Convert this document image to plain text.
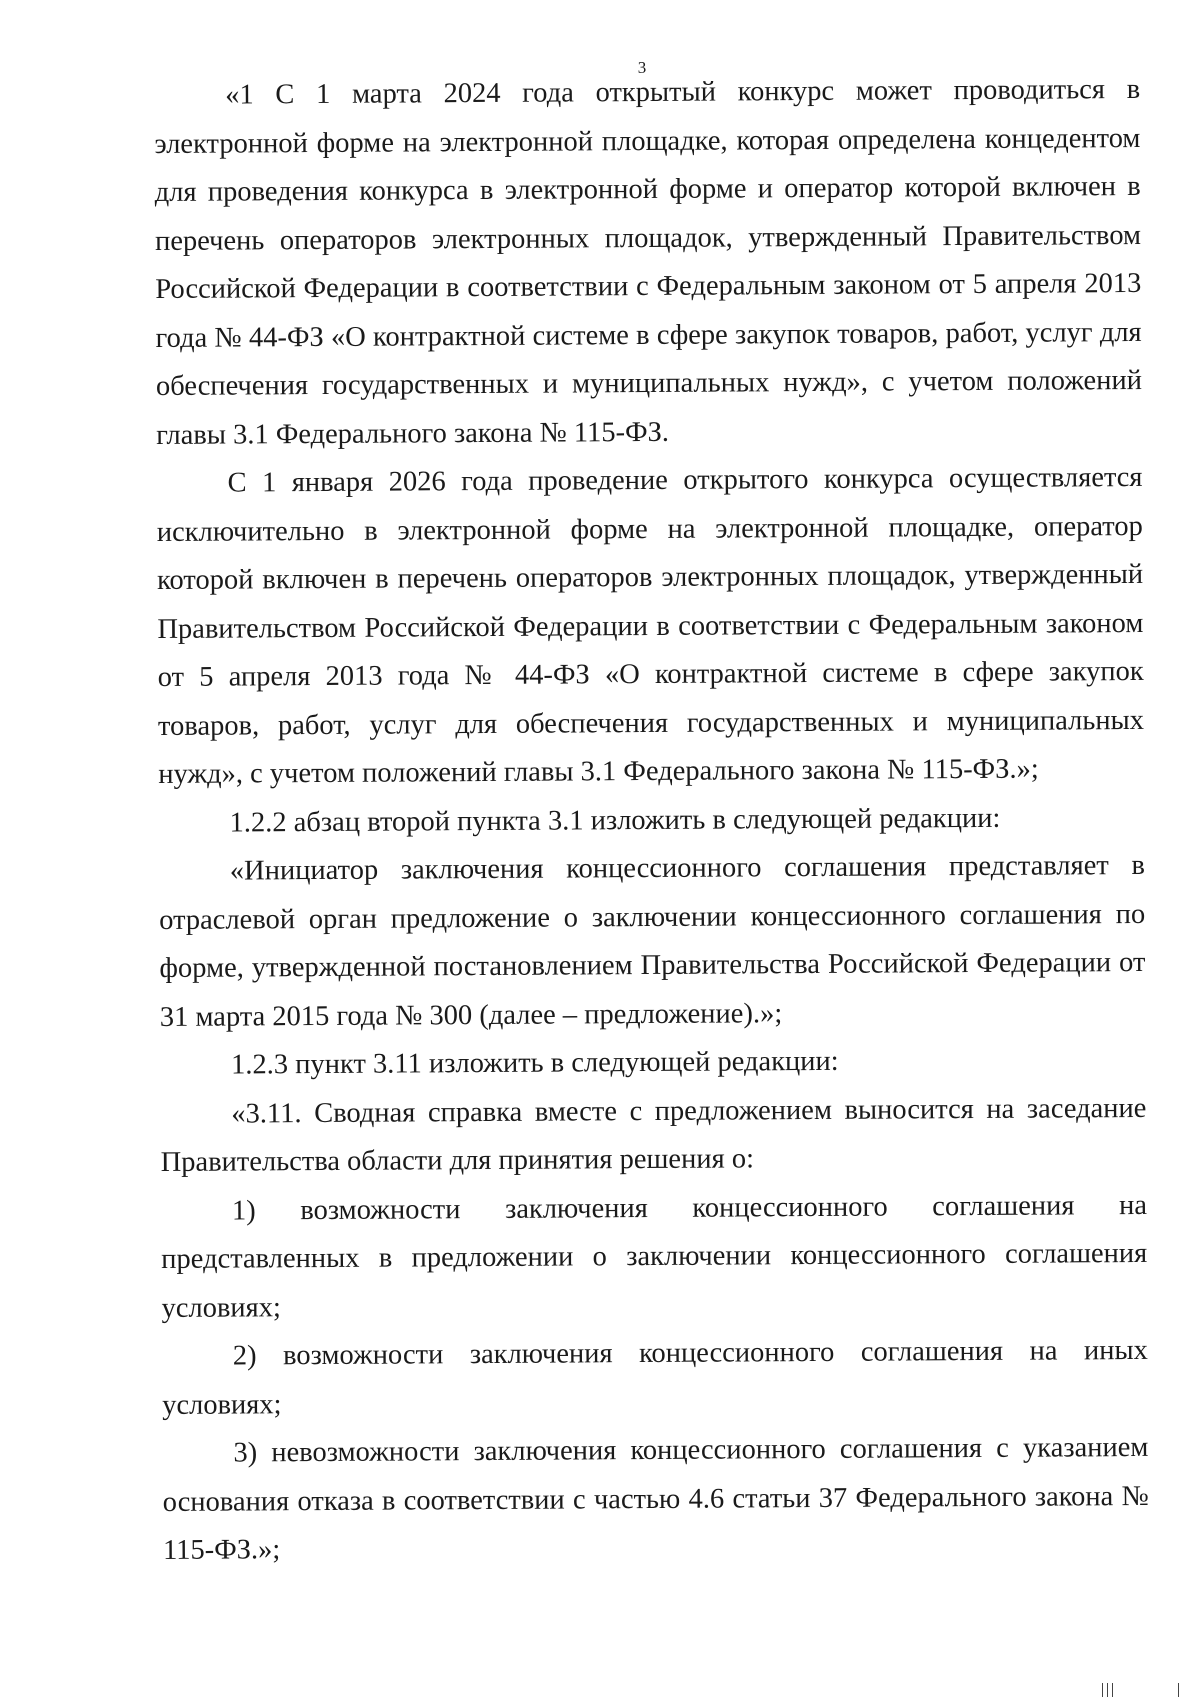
3

«1 С 1 марта 2024 года открытый конкурс может проводиться в электронной форме на электронной площадке, которая определена концедентом для проведения конкурса в электронной форме и оператор которой включен в перечень операторов электронных площадок, утвержденный Правительством Российской Федерации в соответствии с Федеральным законом от 5 апреля 2013 года № 44-ФЗ «О контрактной системе в сфере закупок товаров, работ, услуг для обеспечения государственных и муниципальных нужд», с учетом положений главы 3.1 Федерального закона № 115-ФЗ.

С 1 января 2026 года проведение открытого конкурса осуществляется исключительно в электронной форме на электронной площадке, оператор которой включен в перечень операторов электронных площадок, утвержденный Правительством Российской Федерации в соответствии с Федеральным законом от 5 апреля 2013 года № 44-ФЗ «О контрактной системе в сфере закупок товаров, работ, услуг для обеспечения государственных и муниципальных нужд», с учетом положений главы 3.1 Федерального закона № 115-ФЗ.»;

1.2.2 абзац второй пункта 3.1 изложить в следующей редакции:

«Инициатор заключения концессионного соглашения представляет в отраслевой орган предложение о заключении концессионного соглашения по форме, утвержденной постановлением Правительства Российской Федерации от 31 марта 2015 года № 300 (далее – предложение).»;

1.2.3 пункт 3.11 изложить в следующей редакции:

«3.11. Сводная справка вместе с предложением выносится на заседание Правительства области для принятия решения о:

1) возможности заключения концессионного соглашения на представленных в предложении о заключении концессионного соглашения условиях;

2) возможности заключения концессионного соглашения на иных условиях;

3) невозможности заключения концессионного соглашения с указанием основания отказа в соответствии с частью 4.6 статьи 37 Федерального закона № 115-ФЗ.»;
